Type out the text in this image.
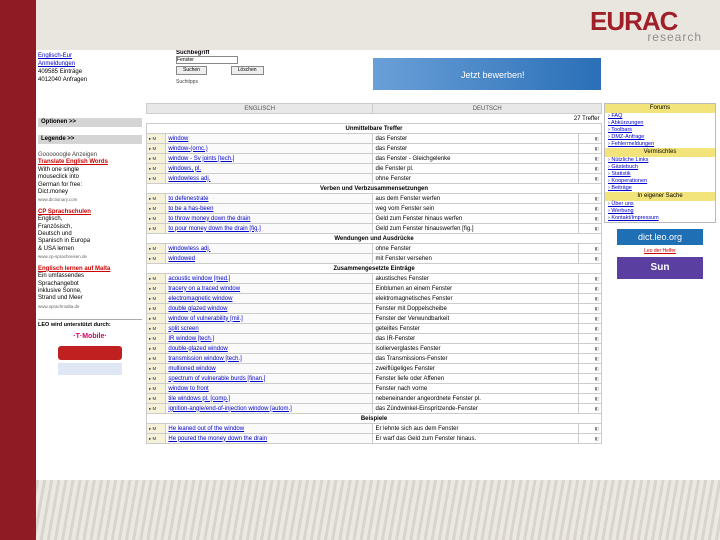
EURAC
research
Englisch-Eur
Anmeldungen
409585 Einträge
4012040 Anfragen
Suchbegriff
Fenster
Suchen	Löschen
Suchtipps
Jetzt bewerben!
Optionen >>
Legende >>

Goooooogle Anzeigen

Translate English Words

With one single

mouseclick into

German for free:

Dict.money

www.dictionary.com

CP Sprachschulen

Englisch,

Französisch,

Deutsch und

Spanisch in Europa

& USA lernen

www.cp-sprachreisen.de

Englisch lernen auf Malta

Ein umfassendes

Sprachangebot

inklusive Sonne,

Strand und Meer

www.sprachmalta.de

LEO wird unterstützt durch:

·T·Mobile·
ENGLISCH		DEUTSCH	
27 Treffer			
Unmittelbare Treffer			
▸ M	window	das Fenster	◧
▸ M	window-(ornc.)	das Fenster	◧
▸ M	window - Sv joints [tech.]	das Fenster - Gleichgelenke	◧
▸ M	windows, pl.	die Fenster pl.	◧
▸ M	windowless adj.	ohne Fenster	◧
Verben und Verbzusammensetzungen			
▸ M	to defenestrate	aus dem Fenster werfen	◧
▸ M	to be a has-been	weg vom Fenster sein	◧
▸ M	to throw money down the drain	Geld zum Fenster hinaus werfen	◧
▸ M	to pour money down the drain [fig.]	Geld zum Fenster hinauswerfen [fig.]	◧
Wendungen und Ausdrücke			
▸ M	windowless adj.	ohne Fenster	◧
▸ M	windowed	mit Fenster versehen	◧
Zusammengesetzte Einträge			
▸ M	acoustic window [med.]	akustisches Fenster	◧
▸ M	tracery on a traced window	Einblumen an einem Fenster	◧
▸ M	electromagnetic window	elektromagnetisches Fenster	◧
▸ M	double glazed window	Fenster mit Doppelscheibe	◧
▸ M	window of vulnerability [mil.]	Fenster der Verwundbarkeit	◧
▸ M	split screen	geteiltes Fenster	◧
▸ M	IR window [tech.]	das IR-Fenster	◧
▸ M	double-glazed window	isolierverglastes Fenster	◧
▸ M	transmission window [tech.]	das Transmissions-Fenster	◧
▸ M	mullioned window	zweiflügeliges Fenster	◧
▸ M	spectrum of vulnerable burds [finan.]	Fenster liefe oder Affenen	◧
▸ M	window to front	Fenster nach vorne	◧
▸ M	tile windows pl. [comp.]	nebeneinander angeordnete Fenster pl.	◧
▸ M	ignition-angle/end-of-injection window [autom.]	das Zündwinkel-Einspritzende-Fenster	◧
Beispiele			
▸ M	He leaned out of the window	Er lehnte sich aus dem Fenster	◧
▸ M	He poured the money down the drain	Er warf das Geld zum Fenster hinaus.	◧
Forums
› FAQ
› Abkürzungen
› Toolbars
› DMZ-Anfrage
› Fehlermeldungen
Vermischtes
› Nützliche Links
› Gästebuch
› Statistik
› Kooperationen
› Beiträge
In eigener Sache
› Über uns
› Werbung
› Kontakt/Impressum
dict.leo.org
Leo der Helfer
Sun
